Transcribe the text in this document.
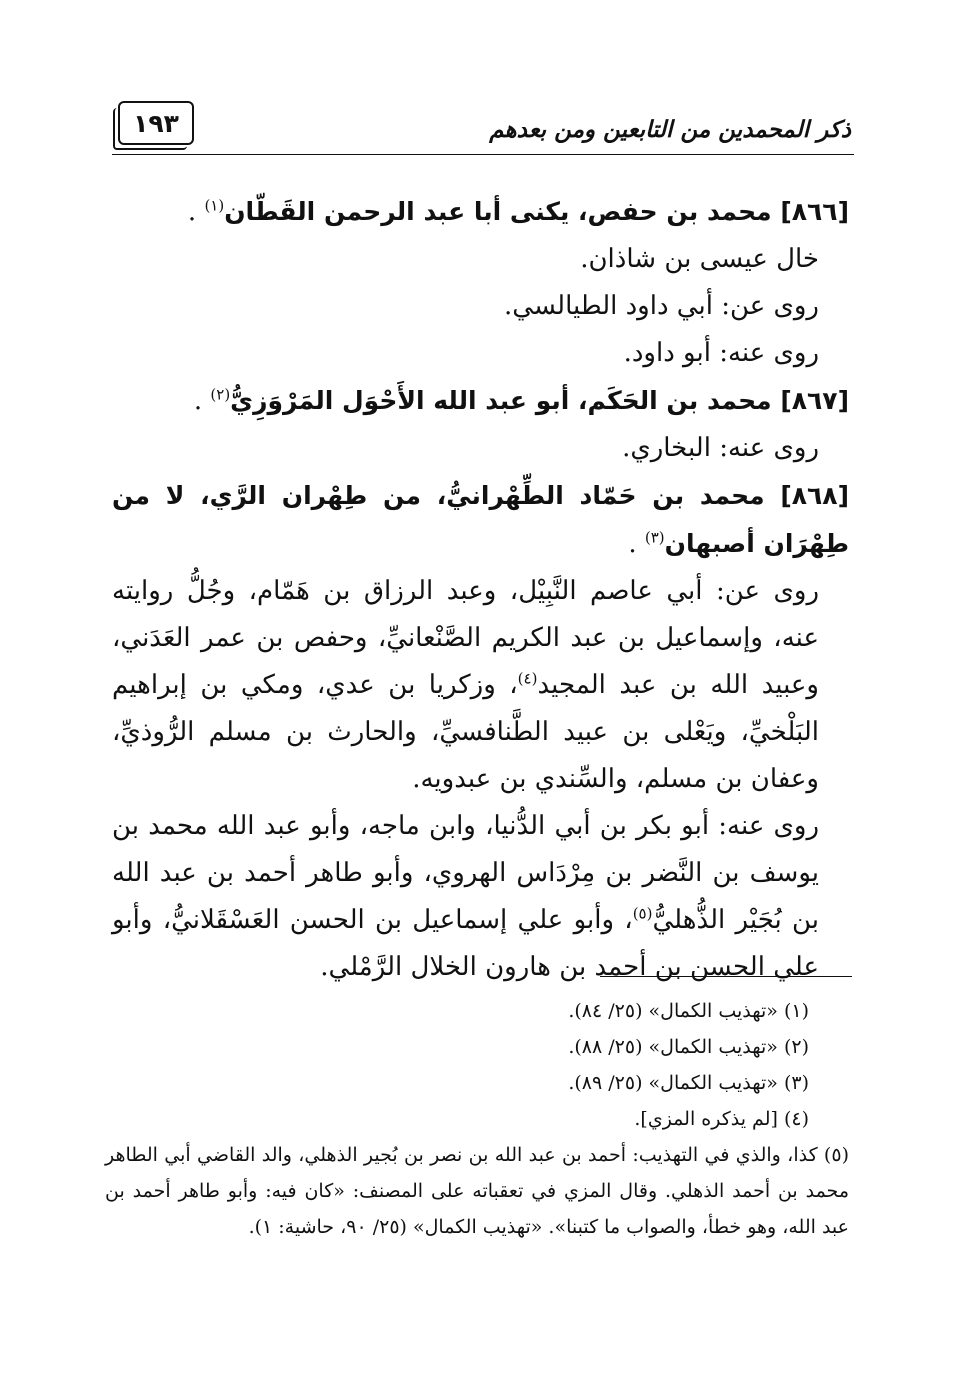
١٩٣	ذكر المحمدين من التابعين ومن بعدهم

[٨٦٦] محمد بن حفص، يكنى أبا عبد الرحمن القَطّان$^{(١)}$ .

خال عيسى بن شاذان.

روى عن: أبي داود الطيالسي.

روى عنه: أبو داود.

[٨٦٧] محمد بن الحَكَم، أبو عبد الله الأَحْوَل المَرْوَزِيُّ$^{(٢)}$ .

روى عنه: البخاري.

[٨٦٨] محمد بن حَمّاد الطِّهْرانيُّ، من طِهْران الرَّي، لا من طِهْرَان أصبهان$^{(٣)}$ .

روى عن: أبي عاصم النَّبِيْل، وعبد الرزاق بن هَمّام، وجُلُّ روايته عنه، وإسماعيل بن عبد الكريم الصَّنْعانيِّ، وحفص بن عمر العَدَني، وعبيد الله بن عبد المجيد$^{(٤)}$، وزكريا بن عدي، ومكي بن إبراهيم البَلْخيِّ، ويَعْلى بن عبيد الطَّنافسيِّ، والحارث بن مسلم الرُّوذيِّ، وعفان بن مسلم، والسِّندي بن عبدويه.

روى عنه: أبو بكر بن أبي الدُّنيا، وابن ماجه، وأبو عبد الله محمد بن يوسف بن النَّضر بن مِرْدَاس الهروي، وأبو طاهر أحمد بن عبد الله بن بُجَيْر الذُّهليُّ$^{(٥)}$، وأبو علي إسماعيل بن الحسن العَسْقَلانيُّ، وأبو علي الحسن بن أحمد بن هارون الخلال الرَّمْلي.

(١) «تهذيب الكمال» (٢٥/ ٨٤).

(٢) «تهذيب الكمال» (٢٥/ ٨٨).

(٣) «تهذيب الكمال» (٢٥/ ٨٩).

(٤) [لم يذكره المزي].

(٥) كذا، والذي في التهذيب: أحمد بن عبد الله بن نصر بن بُجير الذهلي، والد القاضي أبي الطاهر محمد بن أحمد الذهلي. وقال المزي في تعقباته على المصنف: «كان فيه: وأبو طاهر أحمد بن عبد الله، وهو خطأ، والصواب ما كتبنا». «تهذيب الكمال» (٢٥/ ٩٠، حاشية: ١).
